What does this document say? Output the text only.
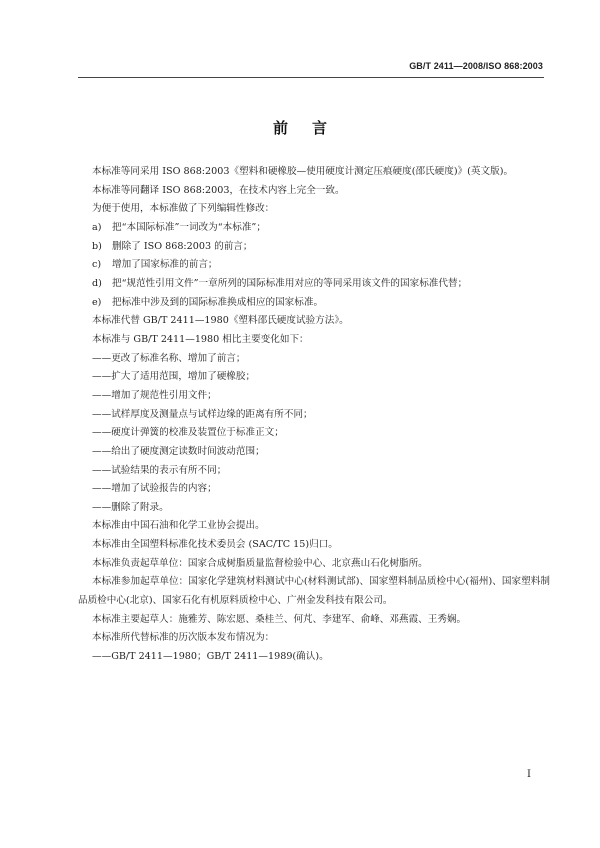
GB/T 2411—2008/ISO 868:2003
前言

本标准等同采用 ISO 868:2003《塑料和硬橡胶—使用硬度计测定压痕硬度(邵氏硬度)》(英文版)。

本标准等同翻译 ISO 868:2003，在技术内容上完全一致。

为便于使用，本标准做了下列编辑性修改：

a) 把“本国际标准”一词改为“本标准”；

b) 删除了 ISO 868:2003 的前言；

c) 增加了国家标准的前言；

d) 把“规范性引用文件”一章所列的国际标准用对应的等同采用该文件的国家标准代替；

e) 把标准中涉及到的国际标准换成相应的国家标准。

本标准代替 GB/T 2411—1980《塑料邵氏硬度试验方法》。

本标准与 GB/T 2411—1980 相比主要变化如下：

——更改了标准名称、增加了前言；

——扩大了适用范围，增加了硬橡胶；

——增加了规范性引用文件；

——试样厚度及测量点与试样边缘的距离有所不同；

——硬度计弹簧的校准及装置位于标准正文；

——给出了硬度测定读数时间波动范围；

——试验结果的表示有所不同；

——增加了试验报告的内容；

——删除了附录。

本标准由中国石油和化学工业协会提出。

本标准由全国塑料标准化技术委员会 (SAC/TC 15)归口。

本标准负责起草单位：国家合成树脂质量监督检验中心、北京燕山石化树脂所。

本标准参加起草单位：国家化学建筑材料测试中心(材料测试部)、国家塑料制品质检中心(福州)、国家塑料制品质检中心(北京)、国家石化有机原料质检中心、广州金发科技有限公司。

本标准主要起草人：施雅芳、陈宏愿、桑桂兰、何芃、李建军、俞峰、邓燕霞、王秀娴。

本标准所代替标准的历次版本发布情况为：

——GB/T 2411—1980；GB/T 2411—1989(确认)。

I
